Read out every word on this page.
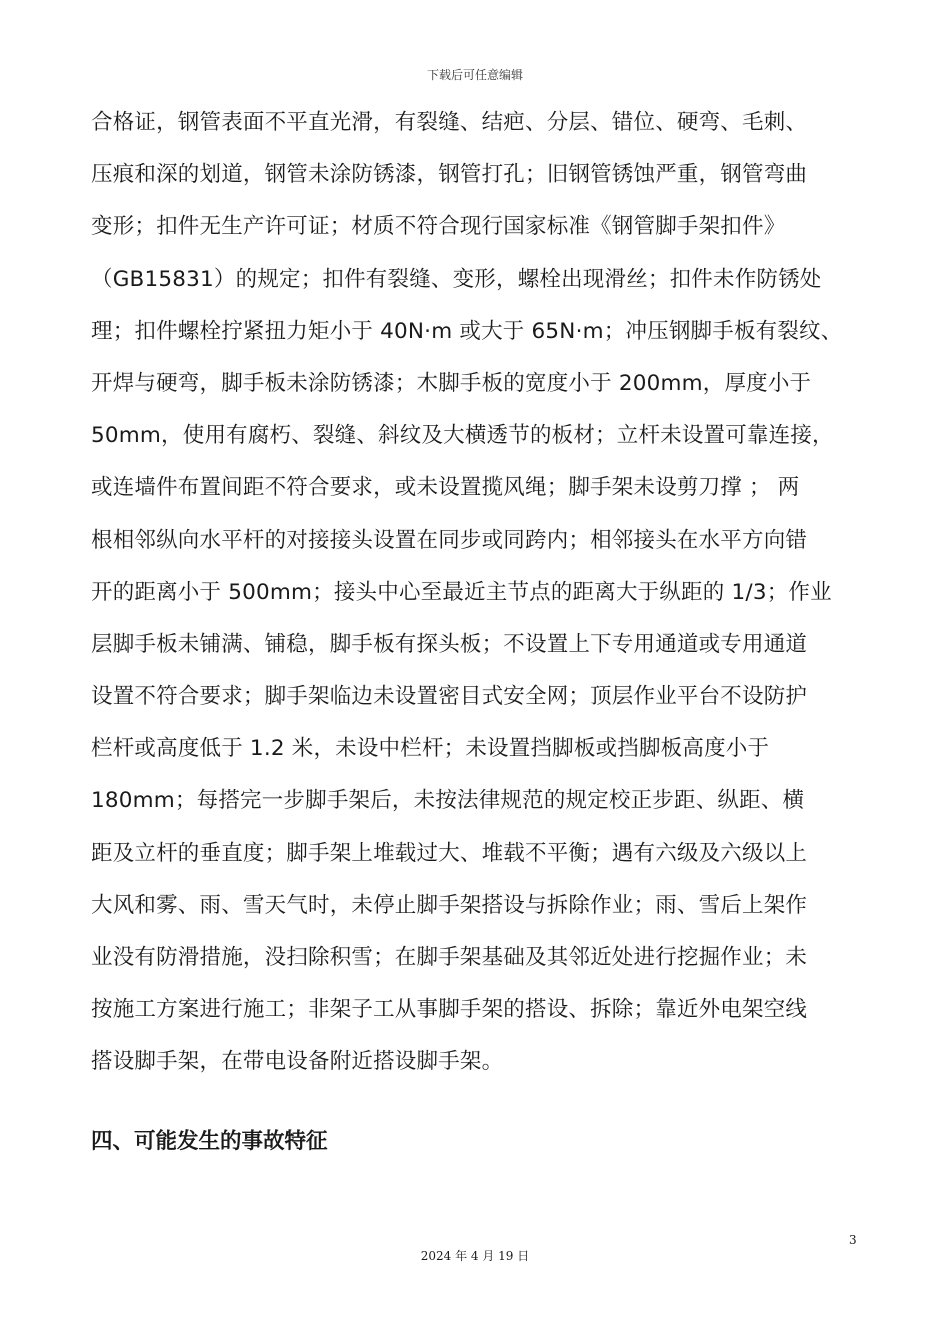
下载后可任意编辑
合格证，钢管表面不平直光滑，有裂缝、结疤、分层、错位、硬弯、毛刺、
压痕和深的划道，钢管未涂防锈漆，钢管打孔；旧钢管锈蚀严重，钢管弯曲
变形；扣件无生产许可证；材质不符合现行国家标准《钢管脚手架扣件》
（GB15831）的规定；扣件有裂缝、变形，螺栓出现滑丝；扣件未作防锈处
理；扣件螺栓拧紧扭力矩小于 40N·m 或大于 65N·m；冲压钢脚手板有裂纹、
开焊与硬弯，脚手板未涂防锈漆；木脚手板的宽度小于 200mm，厚度小于
50mm，使用有腐朽、裂缝、斜纹及大横透节的板材；立杆未设置可靠连接，
或连墙件布置间距不符合要求，或未设置揽风绳；脚手架未设剪刀撑 ； 两
根相邻纵向水平杆的对接接头设置在同步或同跨内；相邻接头在水平方向错
开的距离小于 500mm；接头中心至最近主节点的距离大于纵距的 1/3；作业
层脚手板未铺满、铺稳，脚手板有探头板；不设置上下专用通道或专用通道
设置不符合要求；脚手架临边未设置密目式安全网；顶层作业平台不设防护
栏杆或高度低于 1.2 米，未设中栏杆；未设置挡脚板或挡脚板高度小于
180mm；每搭完一步脚手架后，未按法律规范的规定校正步距、纵距、横
距及立杆的垂直度；脚手架上堆载过大、堆载不平衡；遇有六级及六级以上
大风和雾、雨、雪天气时，未停止脚手架搭设与拆除作业；雨、雪后上架作
业没有防滑措施，没扫除积雪；在脚手架基础及其邻近处进行挖掘作业；未
按施工方案进行施工；非架子工从事脚手架的搭设、拆除；靠近外电架空线
搭设脚手架，在带电设备附近搭设脚手架。
四、可能发生的事故特征
3
2024 年 4 月 19 日
